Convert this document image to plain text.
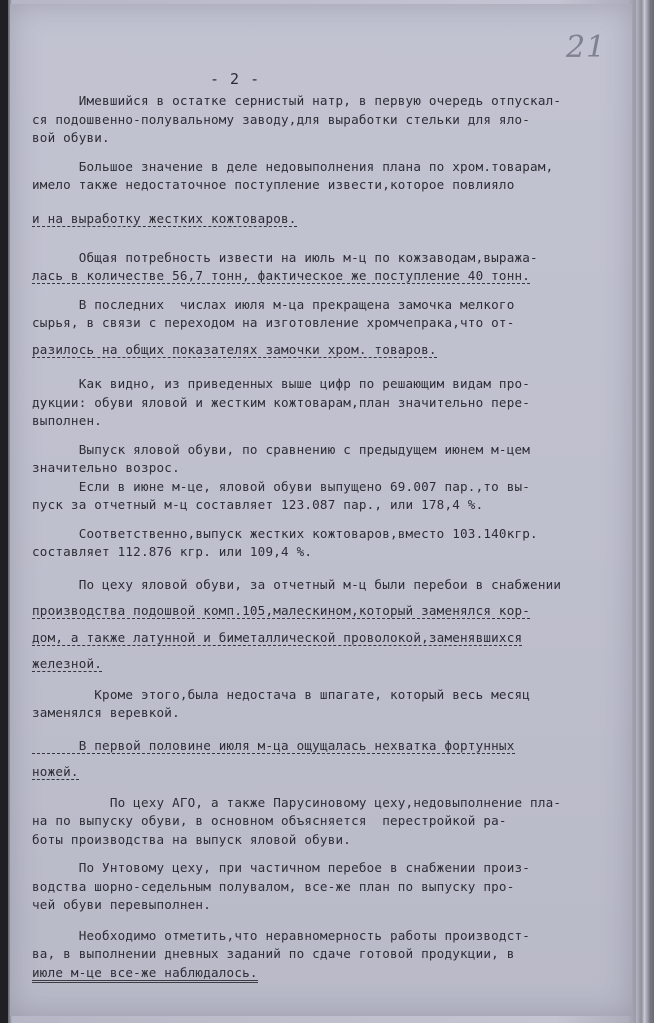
21
- 2 -
Имевшийся в остатке сернистый натр, в первую очередь отпускал-
ся подошвенно-полувальному заводу,для выработки стельки для яло-
вой обуви.
Большое значение в деле недовыполнения плана по хром.товарам,
имело также недостаточное поступление извести,которое повлияло
и на выработку жестких кожтоваров.
Общая потребность извести на июль м-ц по кожзаводам,выража-
лась в количестве 56,7 тонн, фактическое же поступление 40 тонн.
В последних  числах июля м-ца прекращена замочка мелкого
сырья, в связи с переходом на изготовление хромчепрака,что от-
разилось на общих показателях замочки хром. товаров.
Как видно, из приведенных выше цифр по решающим видам про-
дукции: обуви яловой и жестким кожтоварам,план значительно пере-
выполнен.
Выпуск яловой обуви, по сравнению с предыдущем июнем м-цем
значительно возрос.
Если в июне м-це, яловой обуви выпущено 69.007 пар.,то вы-
пуск за отчетный м-ц составляет 123.087 пар., или 178,4 %.
Соответственно,выпуск жестких кожтоваров,вместо 103.140кгр.
составляет 112.876 кгр. или 109,4 %.
По цеху яловой обуви, за отчетный м-ц были перебои в снабжении
производства подошвой комп.105,малескином,который заменялся кор-
дом, а также латунной и биметаллической проволокой,заменявшихся
железной.
Кроме этого,была недостача в шпагате, который весь месяц
заменялся веревкой.
В первой половине июля м-ца ощущалась нехватка фортунных
ножей.
По цеху АГО, а также Парусиновому цеху,недовыполнение пла-
на по выпуску обуви, в основном объясняется  перестройкой ра-
боты производства на выпуск яловой обуви.
По Унтовому цеху, при частичном перебое в снабжении произ-
водства шорно-седельным полувалом, все-же план по выпуску про-
чей обуви перевыполнен.
Необходимо отметить,что неравномерность работы производст-
ва, в выполнении дневных заданий по сдаче готовой продукции, в
июле м-це все-же наблюдалось.
